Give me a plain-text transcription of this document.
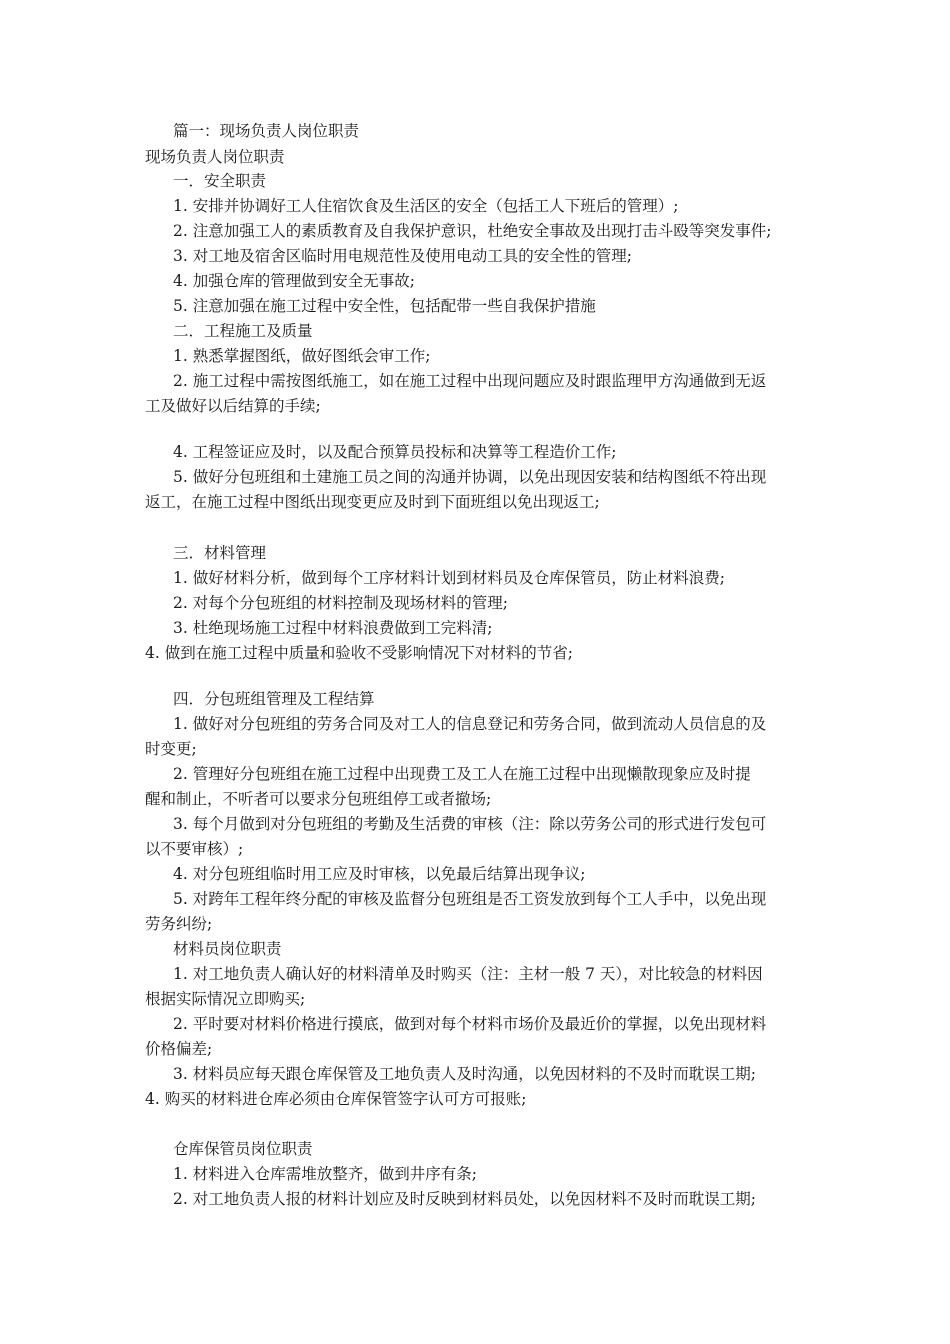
篇一：现场负责人岗位职责
现场负责人岗位职责
一．安全职责
1. 安排并协调好工人住宿饮食及生活区的安全（包括工人下班后的管理）;
2. 注意加强工人的素质教育及自我保护意识，杜绝安全事故及出现打击斗殴等突发事件;
3. 对工地及宿舍区临时用电规范性及使用电动工具的安全性的管理;
4. 加强仓库的管理做到安全无事故;
5. 注意加强在施工过程中安全性，包括配带一些自我保护措施
二．工程施工及质量
1. 熟悉掌握图纸，做好图纸会审工作;
2. 施工过程中需按图纸施工，如在施工过程中出现问题应及时跟监理甲方沟通做到无返
工及做好以后结算的手续;
4. 工程签证应及时，以及配合预算员投标和决算等工程造价工作;
5. 做好分包班组和土建施工员之间的沟通并协调，以免出现因安装和结构图纸不符出现
返工，在施工过程中图纸出现变更应及时到下面班组以免出现返工;
三．材料管理
1. 做好材料分析，做到每个工序材料计划到材料员及仓库保管员，防止材料浪费;
2. 对每个分包班组的材料控制及现场材料的管理;
3. 杜绝现场施工过程中材料浪费做到工完料清;
4. 做到在施工过程中质量和验收不受影响情况下对材料的节省;
四．分包班组管理及工程结算
1. 做好对分包班组的劳务合同及对工人的信息登记和劳务合同，做到流动人员信息的及
时变更;
2. 管理好分包班组在施工过程中出现费工及工人在施工过程中出现懒散现象应及时提
醒和制止，不听者可以要求分包班组停工或者撤场;
3. 每个月做到对分包班组的考勤及生活费的审核（注：除以劳务公司的形式进行发包可
以不要审核）;
4. 对分包班组临时用工应及时审核，以免最后结算出现争议;
5. 对跨年工程年终分配的审核及监督分包班组是否工资发放到每个工人手中，以免出现
劳务纠纷;
材料员岗位职责
1. 对工地负责人确认好的材料清单及时购买（注：主材一般 7 天），对比较急的材料因
根据实际情况立即购买;
2. 平时要对材料价格进行摸底，做到对每个材料市场价及最近价的掌握，以免出现材料
价格偏差;
3. 材料员应每天跟仓库保管及工地负责人及时沟通，以免因材料的不及时而耽误工期;
4. 购买的材料进仓库必须由仓库保管签字认可方可报账;
仓库保管员岗位职责
1. 材料进入仓库需堆放整齐，做到井序有条;
2. 对工地负责人报的材料计划应及时反映到材料员处，以免因材料不及时而耽误工期;
